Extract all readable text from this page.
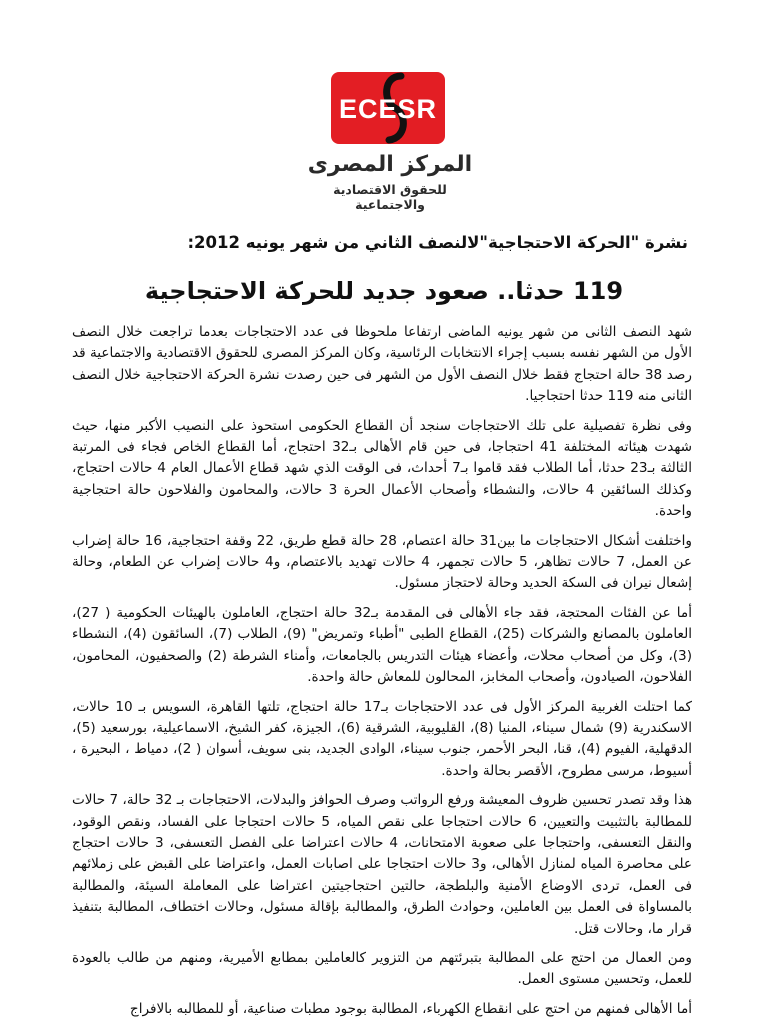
ECESR
المركز المصرى
للحقوق الاقتصادية والاجتماعية
نشرة "الحركة الاحتجاجية"لالنصف الثاني من شهر يونيه 2012:
119 حدثا.. صعود جديد للحركة الاحتجاجية

شهد النصف الثانى من شهر يونيه الماضى ارتفاعا ملحوظا فى عدد الاحتجاجات بعدما تراجعت خلال النصف الأول من الشهر نفسه بسبب إجراء الانتخابات الرئاسية، وكان المركز المصرى للحقوق الاقتصادية والاجتماعية قد رصد 38 حالة احتجاج فقط خلال النصف الأول من الشهر فى حين رصدت نشرة الحركة الاحتجاجية خلال النصف الثانى منه 119 حدثا احتجاجيا.

وفى نظرة تفصيلية على تلك الاحتجاجات سنجد أن القطاع الحكومى استحوذ على النصيب الأكبر منها، حيث شهدت هيئاته المختلفة 41 احتجاجا، فى حين قام الأهالى بـ32 احتجاج، أما القطاع الخاص فجاء فى المرتبة الثالثة بـ23 حدثا، أما الطلاب فقد قاموا بـ7 أحداث، فى الوقت الذي شهد قطاع الأعمال العام 4 حالات احتجاج، وكذلك السائقين 4 حالات، والنشطاء وأصحاب الأعمال الحرة 3 حالات، والمحامون والفلاحون حالة احتجاجية واحدة.

واختلفت أشكال الاحتجاجات ما بين31 حالة اعتصام، 28 حالة قطع طريق، 22 وقفة احتجاجية، 16 حالة إضراب عن العمل، 7 حالات تظاهر، 5 حالات تجمهر، 4 حالات تهديد بالاعتصام، و4 حالات إضراب عن الطعام، وحالة إشعال نيران فى السكة الحديد وحالة لاحتجاز مسئول.

أما عن الفئات المحتجة، فقد جاء الأهالى فى المقدمة بـ32 حالة احتجاج، العاملون بالهيئات الحكومية ( 27)، العاملون بالمصانع والشركات (25)، القطاع الطبى "أطباء وتمريض" (9)، الطلاب (7)، السائقون (4)، النشطاء (3)، وكل من أصحاب محلات، وأعضاء هيئات التدريس بالجامعات، وأمناء الشرطة (2) والصحفيون، المحامون، الفلاحون، الصيادون، وأصحاب المخابز، المحالون للمعاش حالة واحدة.

كما احتلت الغربية المركز الأول فى عدد الاحتجاجات بـ17 حالة احتجاج، تلتها القاهرة، السويس بـ 10 حالات، الاسكندرية (9) شمال سيناء، المنيا (8)، القليوبية، الشرقية (6)، الجيزة، كفر الشيخ، الاسماعيلية، بورسعيد (5)، الدقهلية، الفيوم (4)، قنا، البحر الأحمر، جنوب سيناء، الوادى الجديد، بنى سويف، أسوان ( 2)، دمياط ، البحيرة ، أسيوط، مرسى مطروح، الأقصر بحالة واحدة.

هذا وقد تصدر تحسين ظروف المعيشة ورفع الرواتب وصرف الحوافز والبدلات، الاحتجاجات بـ 32 حالة، 7 حالات للمطالبة بالتثبيت والتعيين، 6 حالات احتجاجا على نقص المياه، 5 حالات احتجاجا على الفساد، ونقص الوقود، والنقل التعسفى، واحتجاجا على صعوبة الامتحانات، 4 حالات اعتراضا على الفصل التعسفى، 3 حالات احتجاج على محاصرة المياه لمنازل الأهالى، و3 حالات احتجاجا على اصابات العمل، واعتراضا على القبض على زملائهم فى العمل، تردى الاوضاع الأمنية والبلطجة، حالتين احتجاجيتين اعتراضا على المعاملة السيئة، والمطالبة بالمساواة فى العمل بين العاملين، وحوادث الطرق، والمطالبة بإقالة مسئول، وحالات اختطاف، المطالبة بتنفيذ قرار ما، وحالات قتل.

ومن العمال من احتج على المطالبة بتبرئتهم من التزوير كالعاملين بمطابع الأميرية، ومنهم من طالب بالعودة للعمل، وتحسين مستوى العمل.

أما الأهالى فمنهم من احتج على انقطاع الكهرباء، المطالبة بوجود مطبات صناعية، أو للمطالبه بالافراج
